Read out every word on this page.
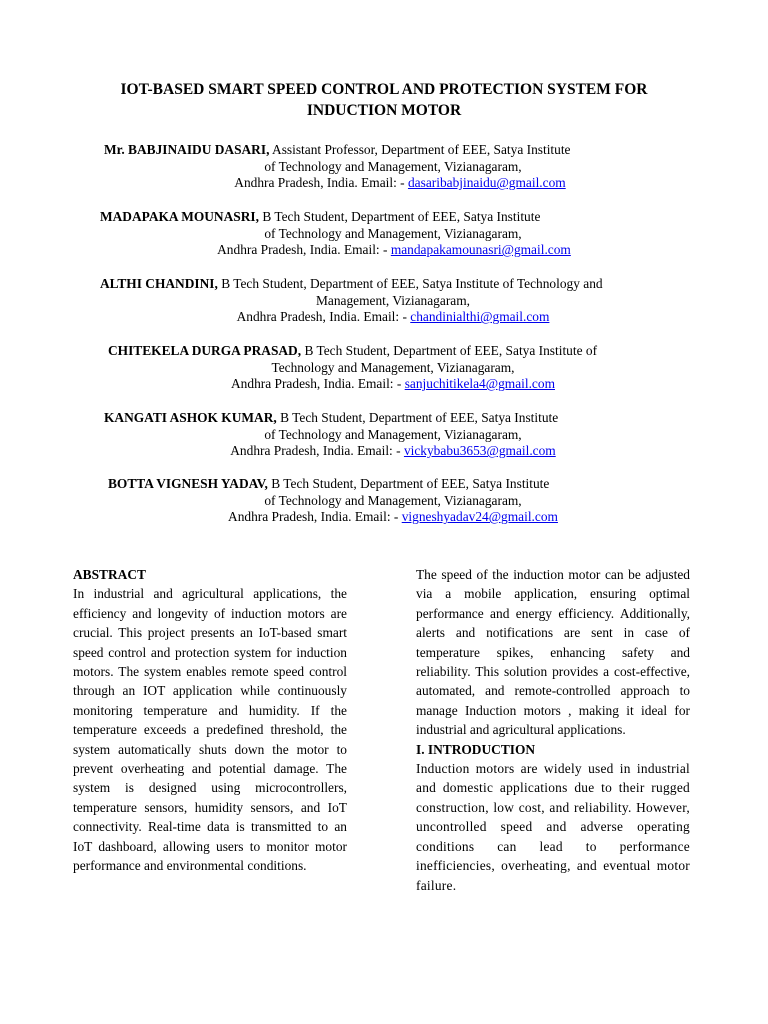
IOT-BASED SMART SPEED CONTROL AND PROTECTION SYSTEM FOR
INDUCTION MOTOR
Mr. BABJINAIDU DASARI, Assistant Professor, Department of EEE, Satya Institute
of Technology and Management, Vizianagaram,
Andhra Pradesh, India. Email: - dasaribabjinaidu@gmail.com
MADAPAKA MOUNASRI, B Tech Student, Department of EEE, Satya Institute
of Technology and Management, Vizianagaram,
Andhra Pradesh, India. Email: - mandapakamounasri@gmail.com
ALTHI CHANDINI, B Tech Student, Department of EEE, Satya Institute of Technology and
Management, Vizianagaram,
Andhra Pradesh, India. Email: - chandinialthi@gmail.com
CHITEKELA DURGA PRASAD, B Tech Student, Department of EEE, Satya Institute of
Technology and Management, Vizianagaram,
Andhra Pradesh, India. Email: - sanjuchitikela4@gmail.com
KANGATI ASHOK KUMAR, B Tech Student, Department of EEE, Satya Institute
of Technology and Management, Vizianagaram,
Andhra Pradesh, India. Email: - vickybabu3653@gmail.com
BOTTA VIGNESH YADAV, B Tech Student, Department of EEE, Satya Institute
of Technology and Management, Vizianagaram,
Andhra Pradesh, India. Email: - vigneshyadav24@gmail.com

ABSTRACT

In industrial and agricultural applications, the efficiency and longevity of induction motors are crucial. This project presents an IoT-based smart speed control and protection system for induction motors. The system enables remote speed control through an IOT application while continuously monitoring temperature and humidity. If the temperature exceeds a predefined threshold, the system automatically shuts down the motor to prevent overheating and potential damage. The system is designed using microcontrollers, temperature sensors, humidity sensors, and IoT connectivity. Real-time data is transmitted to an IoT dashboard, allowing users to monitor motor performance and environmental conditions.

The speed of the induction motor can be adjusted via a mobile application, ensuring optimal performance and energy efficiency. Additionally, alerts and notifications are sent in case of temperature spikes, enhancing safety and reliability. This solution provides a cost-effective, automated, and remote-controlled approach to manage Induction motors , making it ideal for industrial and agricultural applications.

I. INTRODUCTION

Induction motors are widely used in industrial and domestic applications due to their rugged construction, low cost, and reliability. However, uncontrolled speed and adverse operating conditions can lead to performance inefficiencies, overheating, and eventual motor failure.
